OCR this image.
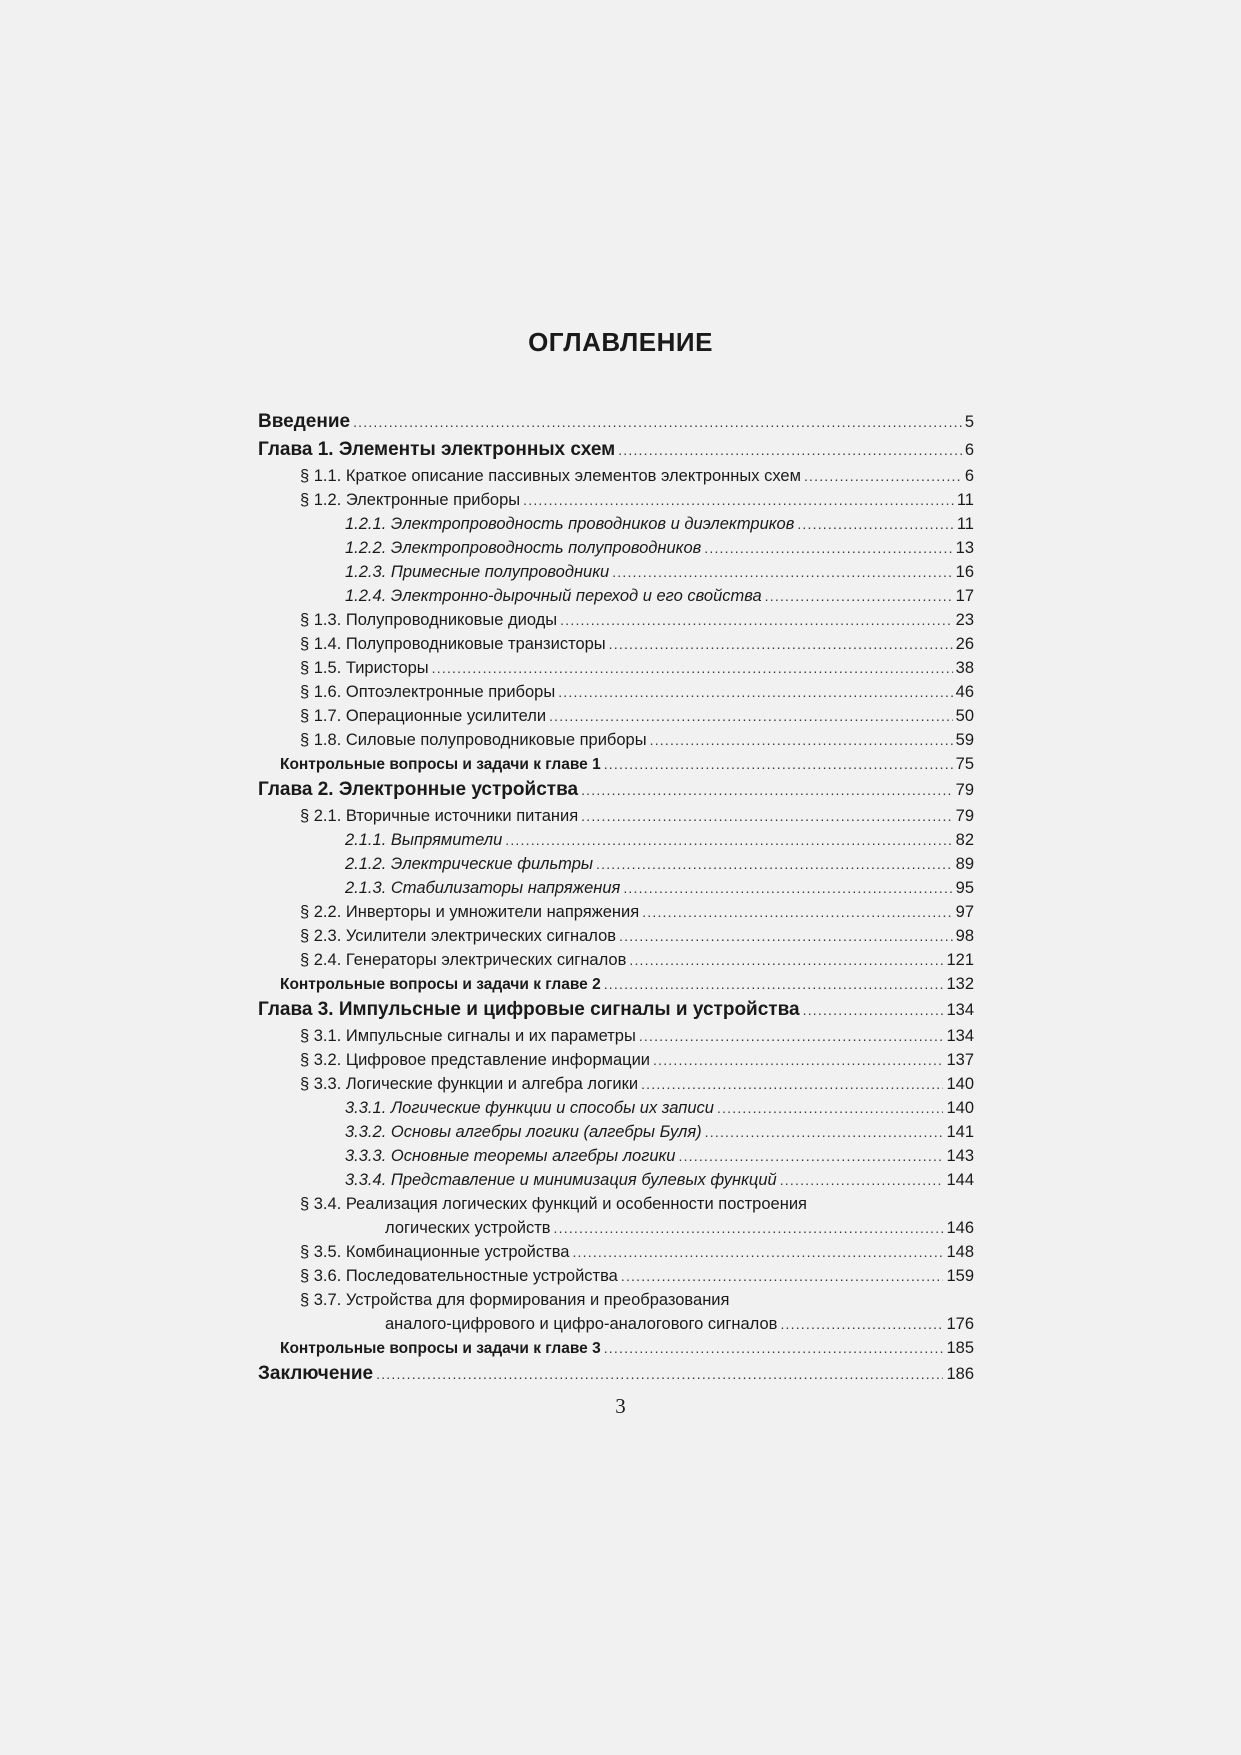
ОГЛАВЛЕНИЕ
Введение .....	5
Глава 1. Элементы электронных схем .....	6
§ 1.1. Краткое описание пассивных элементов электронных схем .....	6
§ 1.2. Электронные приборы .....	11
1.2.1. Электропроводность проводников и диэлектриков .....	11
1.2.2. Электропроводность полупроводников .....	13
1.2.3. Примесные полупроводники .....	16
1.2.4. Электронно-дырочный переход и его свойства .....	17
§ 1.3. Полупроводниковые диоды .....	23
§ 1.4. Полупроводниковые транзисторы .....	26
§ 1.5. Тиристоры .....	38
§ 1.6. Оптоэлектронные приборы .....	46
§ 1.7. Операционные усилители .....	50
§ 1.8. Силовые полупроводниковые приборы .....	59
Контрольные вопросы и задачи к главе 1 .....	75
Глава 2. Электронные устройства .....	79
§ 2.1. Вторичные источники питания .....	79
2.1.1. Выпрямители .....	82
2.1.2. Электрические фильтры .....	89
2.1.3. Стабилизаторы напряжения .....	95
§ 2.2. Инверторы и умножители напряжения .....	97
§ 2.3. Усилители электрических сигналов .....	98
§ 2.4. Генераторы электрических сигналов .....	121
Контрольные вопросы и задачи к главе 2 .....	132
Глава 3. Импульсные и цифровые сигналы и устройства .....	134
§ 3.1. Импульсные сигналы и их параметры .....	134
§ 3.2. Цифровое представление информации .....	137
§ 3.3. Логические функции и алгебра логики .....	140
3.3.1. Логические функции и способы их записи .....	140
3.3.2. Основы алгебры логики (алгебры Буля) .....	141
3.3.3. Основные теоремы алгебры логики .....	143
3.3.4. Представление и минимизация булевых функций .....	144
§ 3.4. Реализация логических функций и особенности построения
логических устройств .....	146
§ 3.5. Комбинационные устройства .....	148
§ 3.6. Последовательностные устройства .....	159
§ 3.7. Устройства для формирования и преобразования
аналого-цифрового и цифро-аналогового сигналов .....	176
Контрольные вопросы и задачи к главе 3 .....	185
Заключение .....	186
3
